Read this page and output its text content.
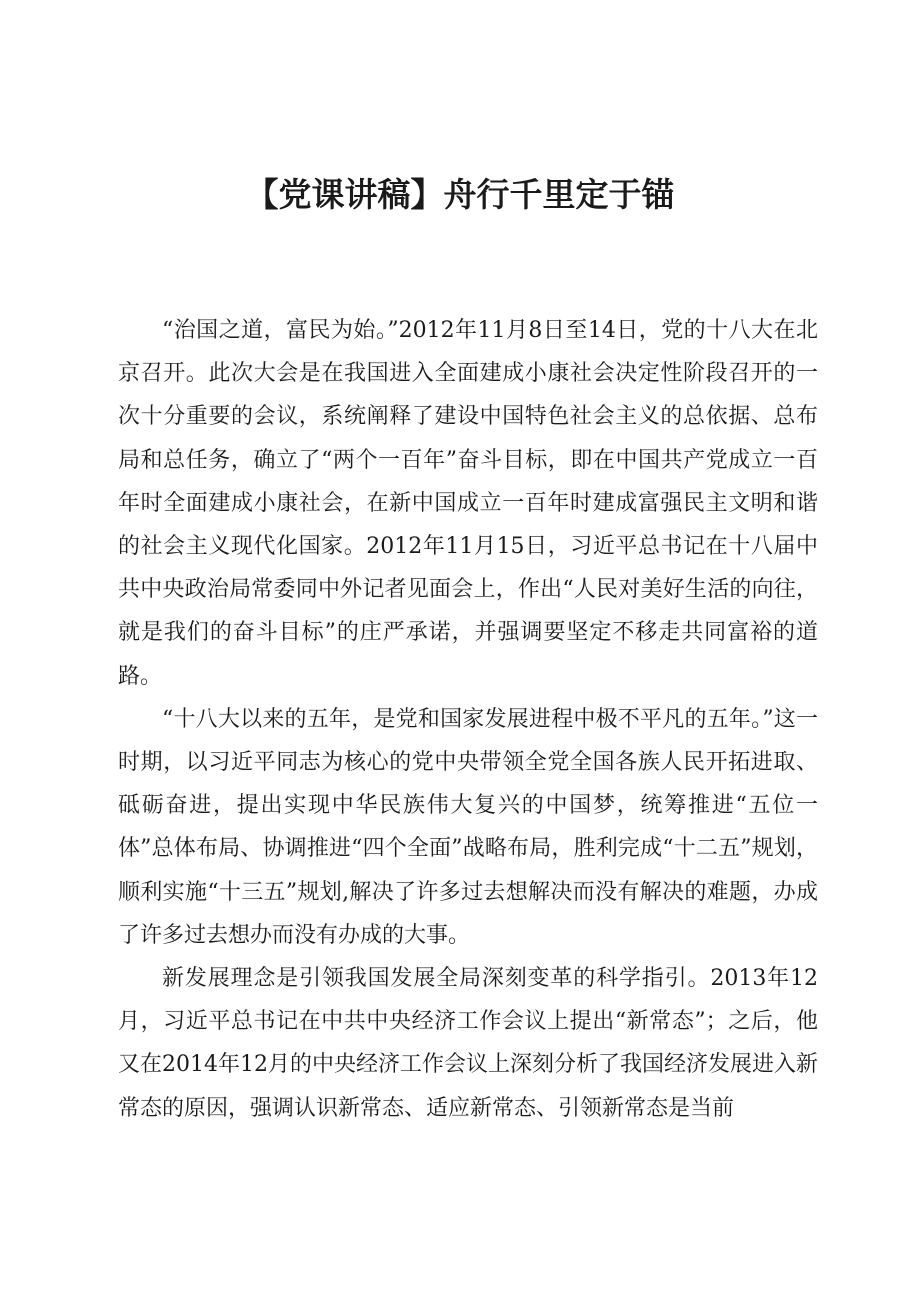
【党课讲稿】舟行千里定于锚

“治国之道，富民为始。”2012年11月8日至14日，党的十八大在北京召开。此次大会是在我国进入全面建成小康社会决定性阶段召开的一次十分重要的会议，系统阐释了建设中国特色社会主义的总依据、总布局和总任务，确立了“两个一百年”奋斗目标，即在中国共产党成立一百年时全面建成小康社会，在新中国成立一百年时建成富强民主文明和谐的社会主义现代化国家。2012年11月15日，习近平总书记在十八届中共中央政治局常委同中外记者见面会上，作出“人民对美好生活的向往，就是我们的奋斗目标”的庄严承诺，并强调要坚定不移走共同富裕的道路。

“十八大以来的五年，是党和国家发展进程中极不平凡的五年。”这一时期，以习近平同志为核心的党中央带领全党全国各族人民开拓进取、砥砺奋进，提出实现中华民族伟大复兴的中国梦，统筹推进“五位一体”总体布局、协调推进“四个全面”战略布局，胜利完成“十二五”规划，顺利实施“十三五”规划,解决了许多过去想解决而没有解决的难题，办成了许多过去想办而没有办成的大事。

新发展理念是引领我国发展全局深刻变革的科学指引。2013年12月，习近平总书记在中共中央经济工作会议上提出“新常态”；之后，他又在2014年12月的中央经济工作会议上深刻分析了我国经济发展进入新常态的原因，强调认识新常态、适应新常态、引领新常态是当前
